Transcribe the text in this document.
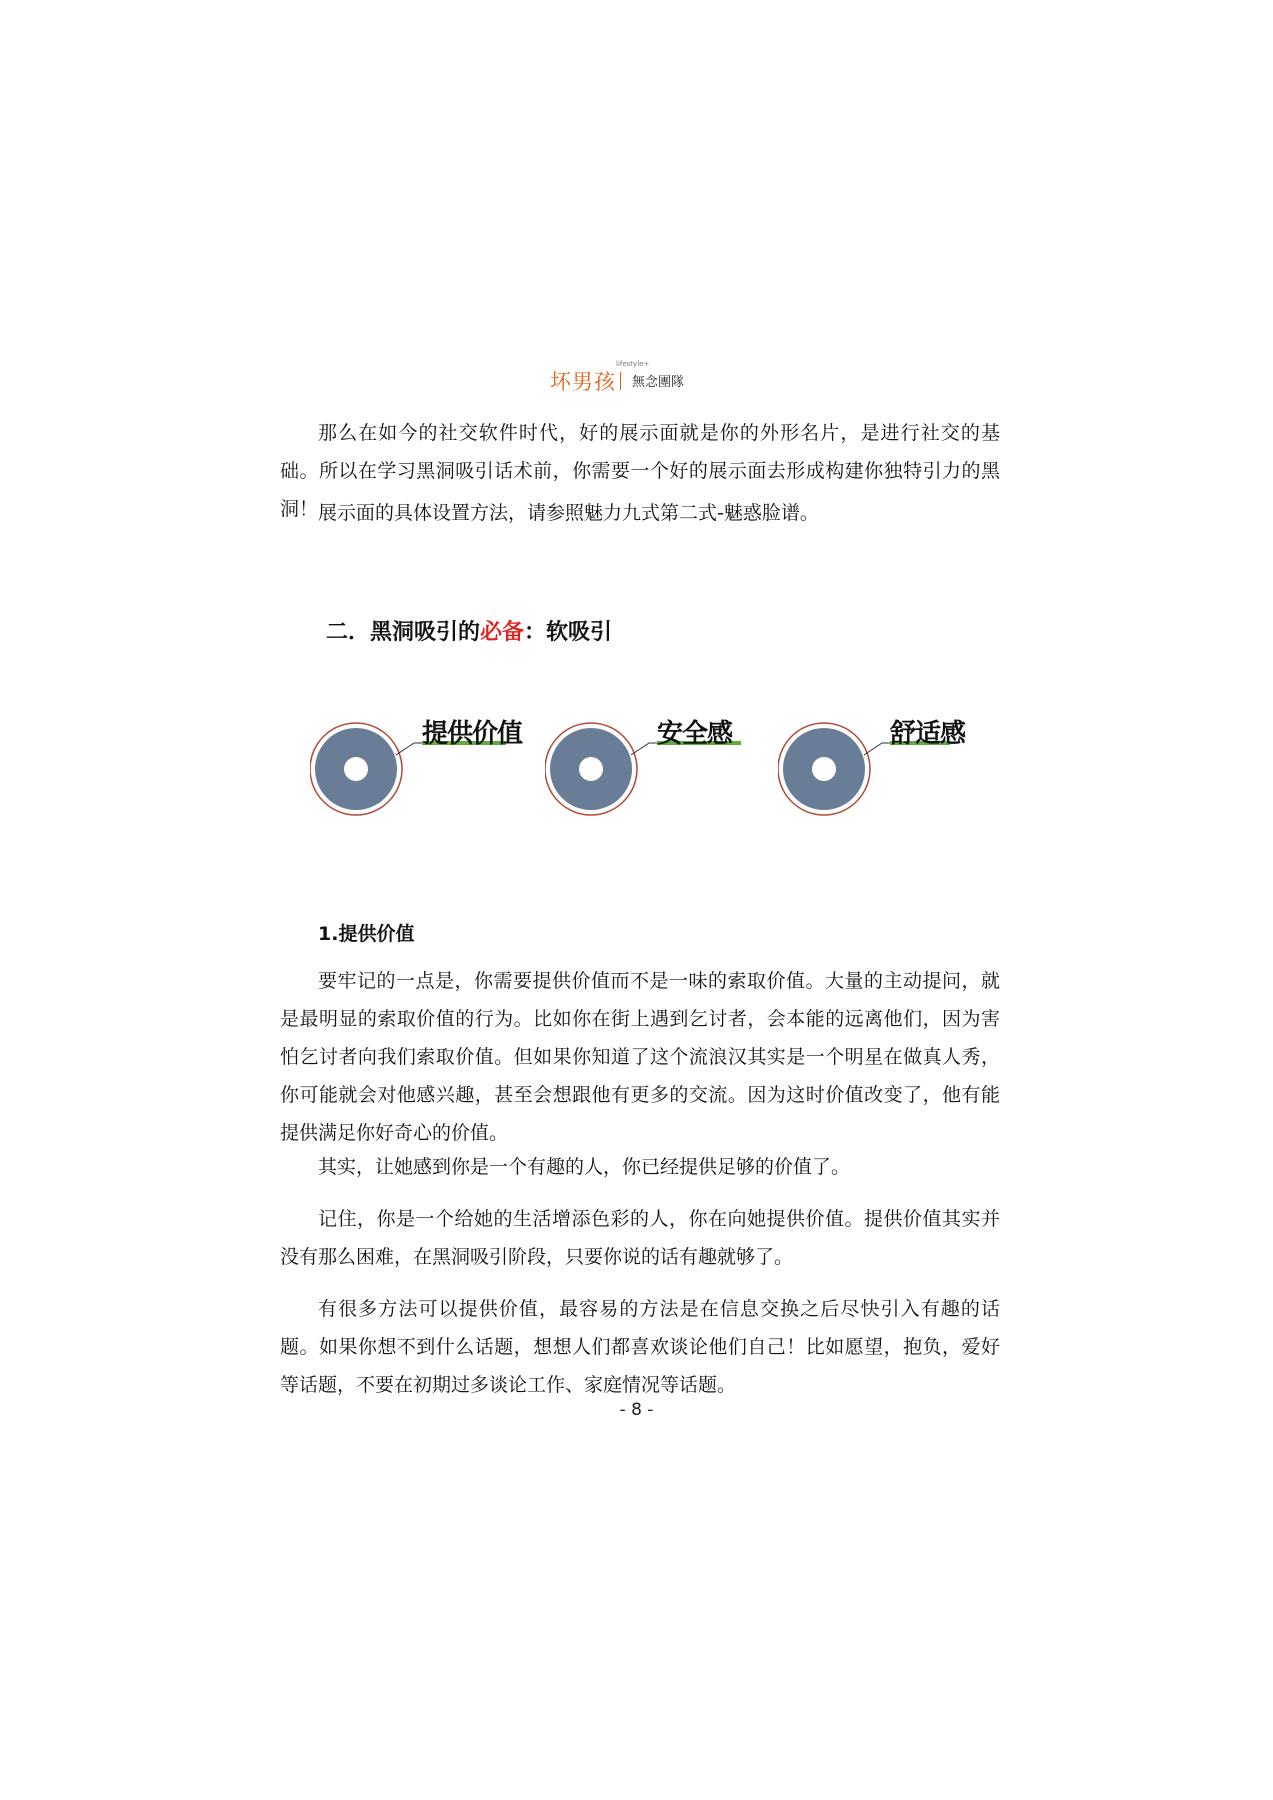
坏男孩
lifestyle+
無念團隊

那么在如今的社交软件时代，好的展示面就是你的外形名片，是进行社交的基础。所以在学习黑洞吸引话术前，你需要一个好的展示面去形成构建你独特引力的黑洞！ 展示面的具体设置方法，请参照魅力九式第二式-魅惑脸谱。

二．黑洞吸引的必备：软吸引
提供价值	安全感	舒适感
1.提供价值

要牢记的一点是，你需要提供价值而不是一味的索取价值。大量的主动提问，就是最明显的索取价值的行为。比如你在街上遇到乞讨者，会本能的远离他们，因为害怕乞讨者向我们索取价值。但如果你知道了这个流浪汉其实是一个明星在做真人秀，你可能就会对他感兴趣，甚至会想跟他有更多的交流。因为这时价值改变了，他有能提供满足你好奇心的价值。

其实，让她感到你是一个有趣的人，你已经提供足够的价值了。

记住，你是一个给她的生活增添色彩的人，你在向她提供价值。提供价值其实并没有那么困难，在黑洞吸引阶段，只要你说的话有趣就够了。

有很多方法可以提供价值，最容易的方法是在信息交换之后尽快引入有趣的话题。如果你想不到什么话题，想想人们都喜欢谈论他们自己！比如愿望，抱负，爱好等话题，不要在初期过多谈论工作、家庭情况等话题。

- 8 -
